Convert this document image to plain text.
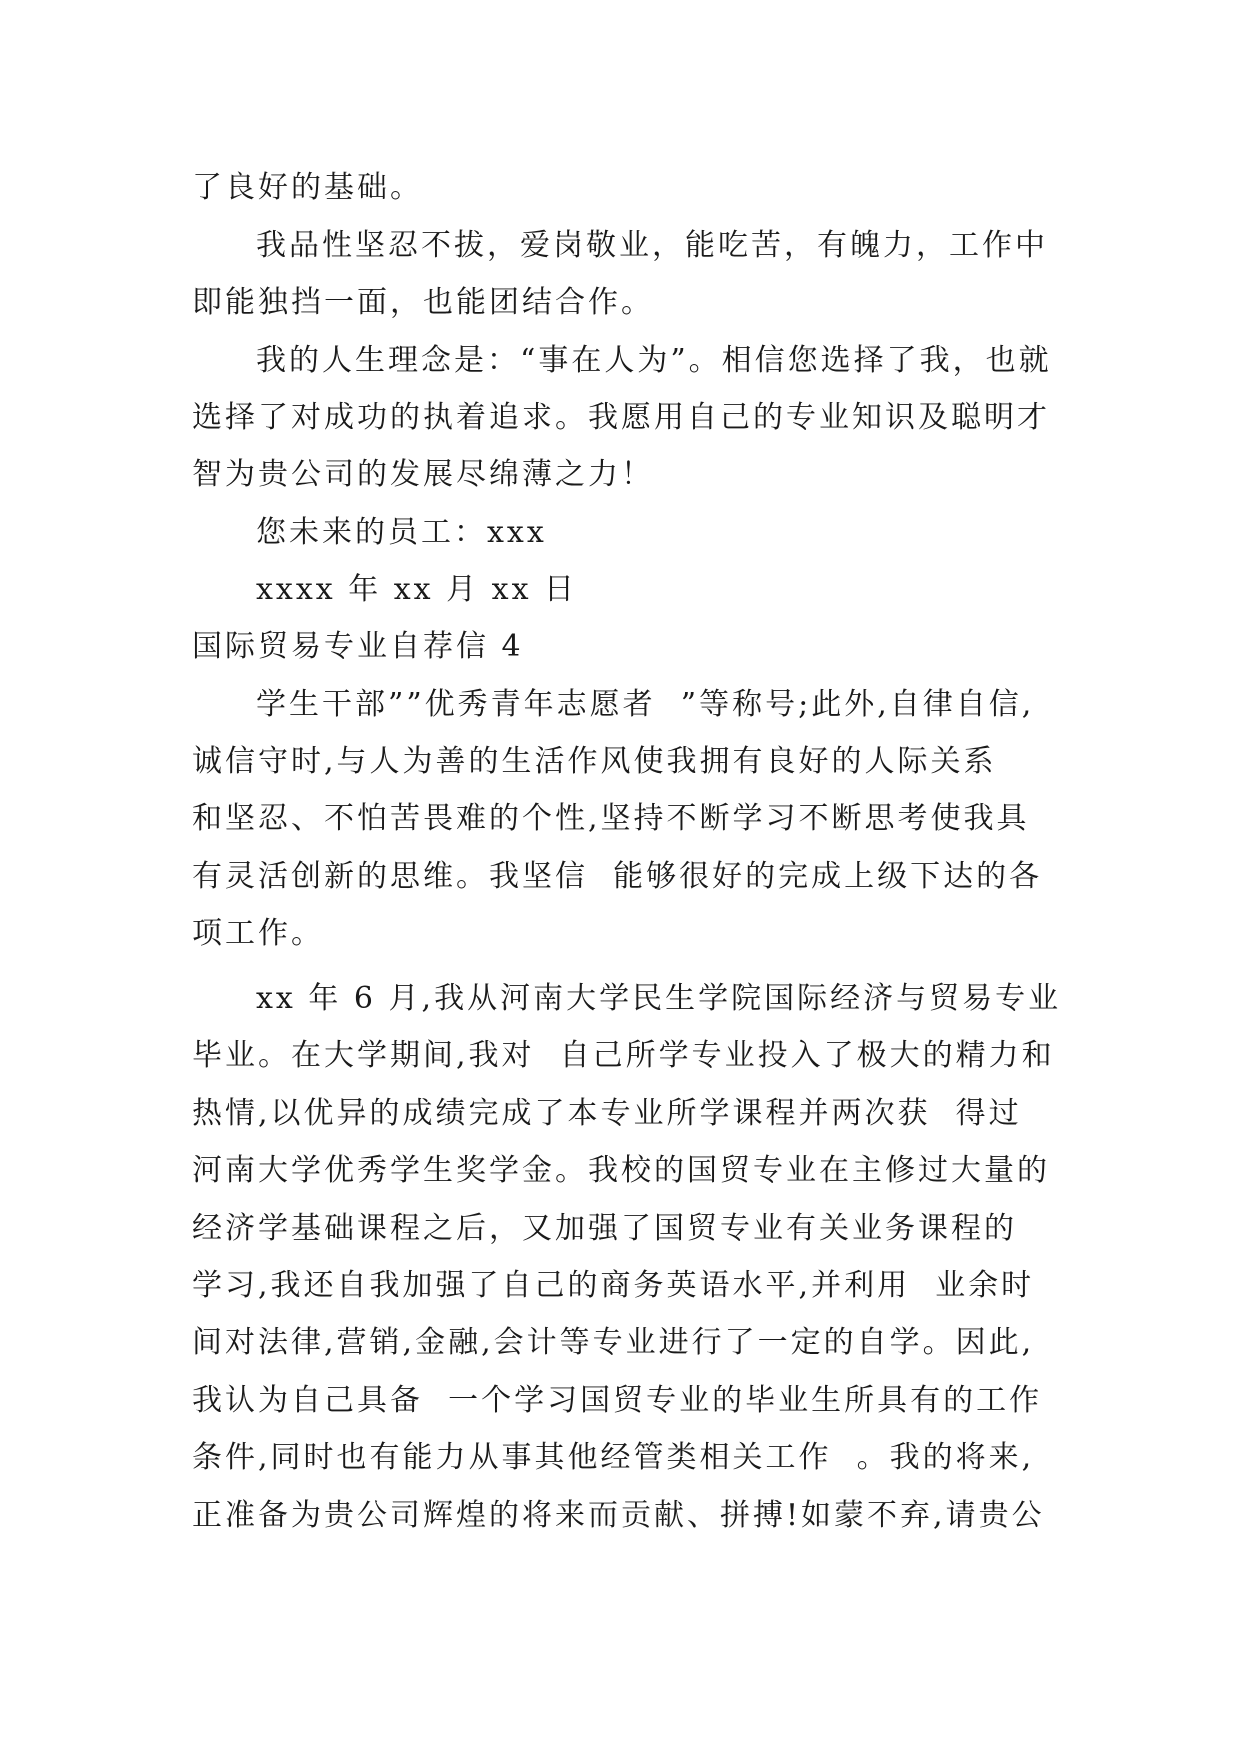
了良好的基础。
我品性坚忍不拔，爱岗敬业，能吃苦，有魄力，工作中
即能独挡一面，也能团结合作。
我的人生理念是：“事在人为”。相信您选择了我，也就
选择了对成功的执着追求。我愿用自己的专业知识及聪明才
智为贵公司的发展尽绵薄之力！
您未来的员工：xxx
xxxx 年 xx 月 xx 日
国际贸易专业自荐信 4
学生干部””优秀青年志愿者  ”等称号;此外,自律自信,
诚信守时,与人为善的生活作风使我拥有良好的人际关系
和坚忍、不怕苦畏难的个性,坚持不断学习不断思考使我具
有灵活创新的思维。我坚信  能够很好的完成上级下达的各
项工作。
xx 年 6 月,我从河南大学民生学院国际经济与贸易专业
毕业。在大学期间,我对  自己所学专业投入了极大的精力和
热情,以优异的成绩完成了本专业所学课程并两次获  得过
河南大学优秀学生奖学金。我校的国贸专业在主修过大量的
经济学基础课程之后，又加强了国贸专业有关业务课程的
学习,我还自我加强了自己的商务英语水平,并利用  业余时
间对法律,营销,金融,会计等专业进行了一定的自学。因此,
我认为自己具备  一个学习国贸专业的毕业生所具有的工作
条件,同时也有能力从事其他经管类相关工作  。我的将来,
正准备为贵公司辉煌的将来而贡献、拼搏!如蒙不弃,请贵公
